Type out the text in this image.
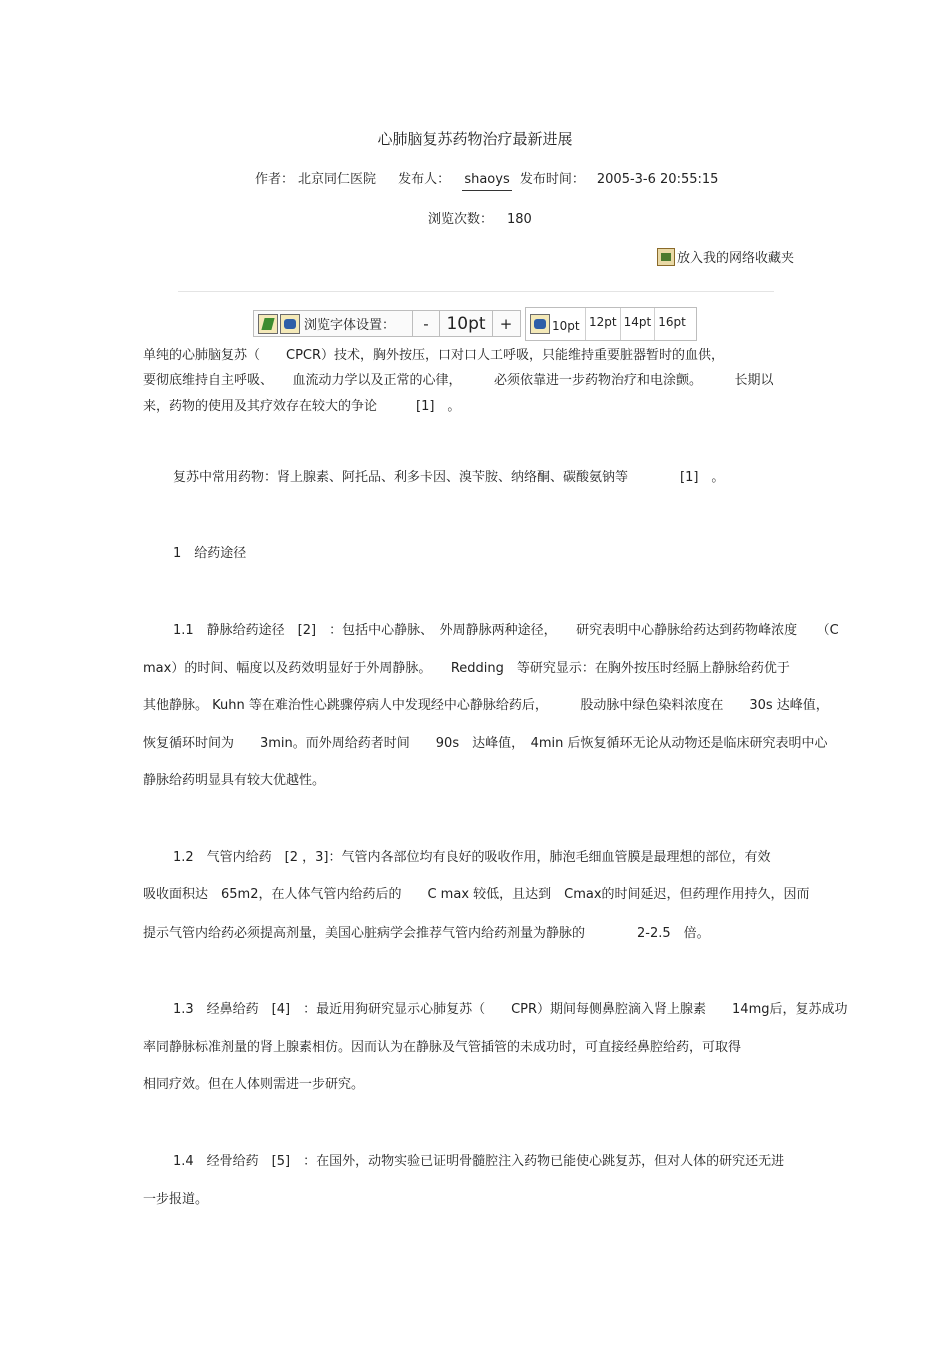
心肺脑复苏药物治疗最新进展
作者： 北京同仁医院 发布人： shaoys 发布时间： 2005-3-6 20:55:15
浏览次数： 180
放入我的网络收藏夹
浏览字体设置：	-	10pt +	10pt 12pt 14pt 16pt
单纯的心肺脑复苏（　　CPCR）技术，胸外按压，口对口人工呼吸，只能维持重要脏器暂时的血供，
要彻底维持自主呼吸、　　血流动力学以及正常的心律，　　　必须依靠进一步药物治疗和电涂颤。　　　长期以
来，药物的使用及其疗效存在较大的争论　　　[1]　。
复苏中常用药物：肾上腺素、阿托品、利多卡因、溴苄胺、纳络酮、碳酸氨钠等　　　　[1]　。
1　给药途径
1.1　静脉给药途径　[2]　：包括中心静脉、　外周静脉两种途径，　　研究表明中心静脉给药达到药物峰浓度　　（C
max）的时间、幅度以及药效明显好于外周静脉。　　Redding　等研究显示：在胸外按压时经膈上静脉给药优于
其他静脉。 Kuhn 等在难治性心跳骤停病人中发现经中心静脉给药后，　　　股动脉中绿色染料浓度在　　30s 达峰值，
恢复循环时间为　　3min。而外周给药者时间　　90s　达峰值，　4min 后恢复循环无论从动物还是临床研究表明中心
静脉给药明显具有较大优越性。
1.2　气管内给药　[2 ，3]：气管内各部位均有良好的吸收作用，肺泡毛细血管膜是最理想的部位，有效
吸收面积达　65m2，在人体气管内给药后的　　C max 较低，且达到　Cmax的时间延迟，但药理作用持久，因而
提示气管内给药必须提高剂量，美国心脏病学会推荐气管内给药剂量为静脉的　　　　2-2.5　倍。
1.3　经鼻给药　[4]　：最近用狗研究显示心肺复苏（　　CPR）期间每侧鼻腔滴入肾上腺素　　14mg后，复苏成功
率同静脉标准剂量的肾上腺素相仿。因而认为在静脉及气管插管的未成功时，可直接经鼻腔给药，可取得
相同疗效。但在人体则需进一步研究。
1.4　经骨给药　[5]　：在国外，动物实验已证明骨髓腔注入药物已能使心跳复苏，但对人体的研究还无进
一步报道。
